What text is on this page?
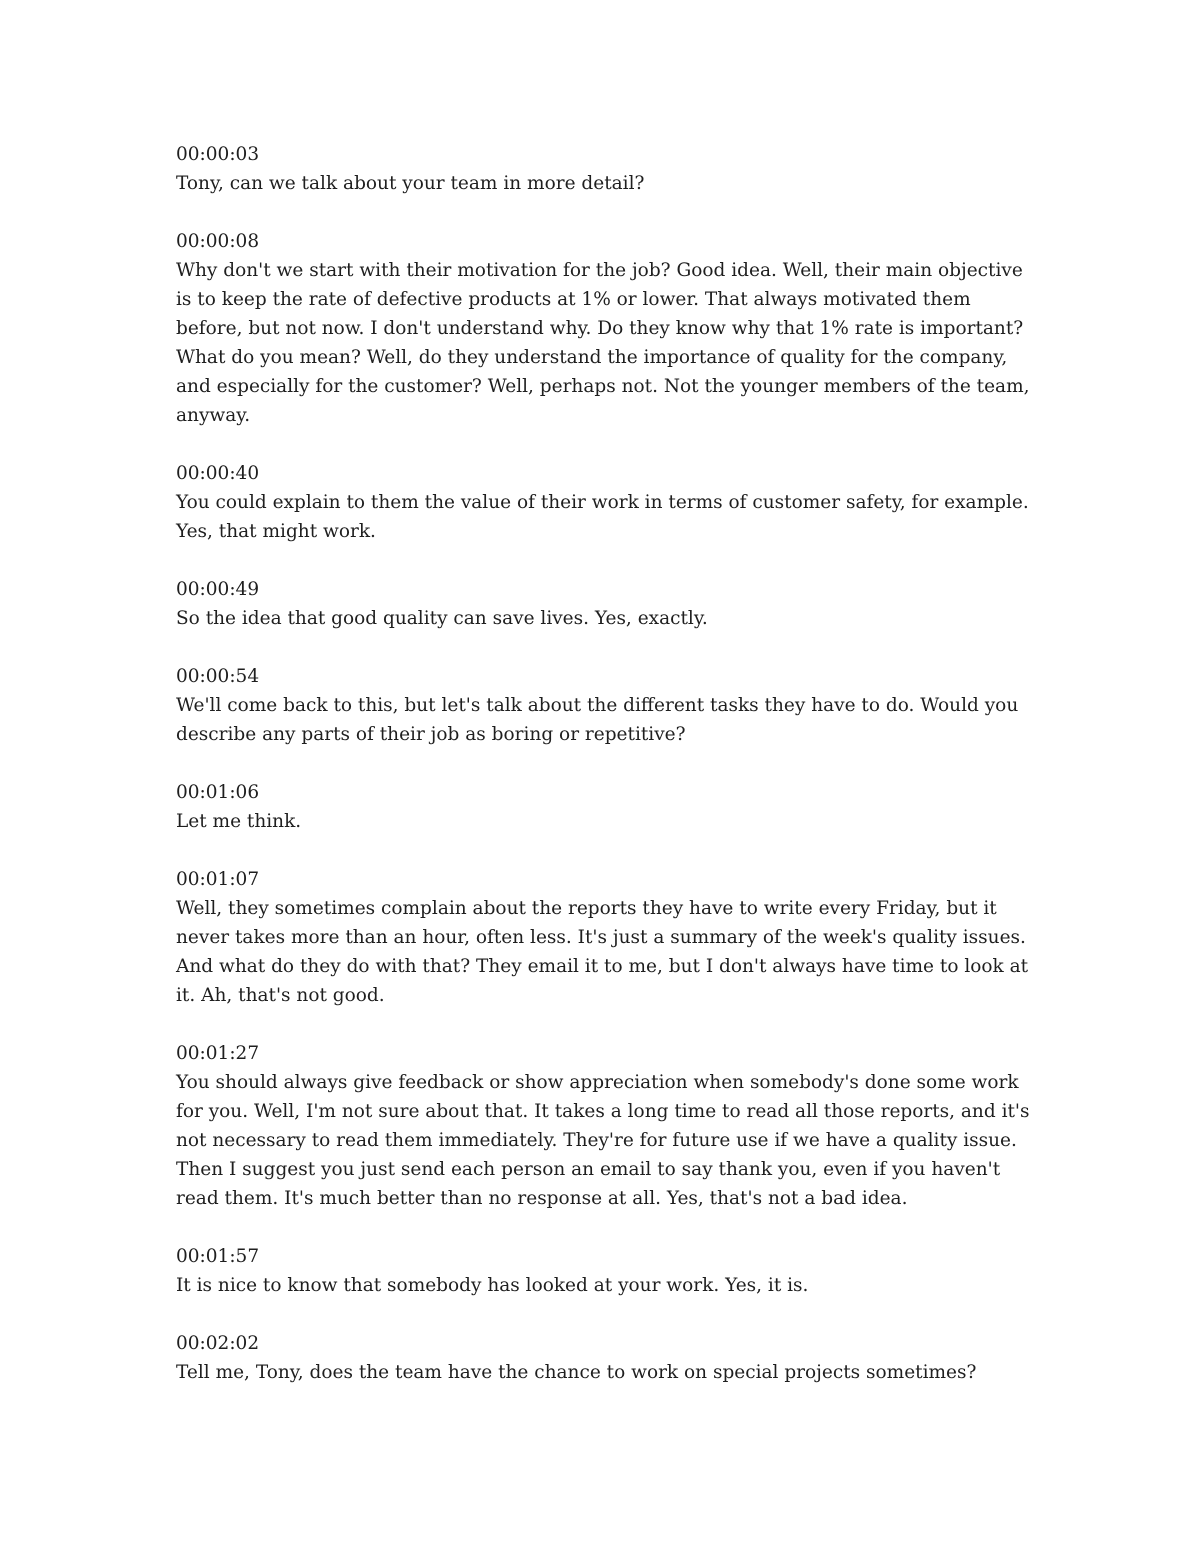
00:00:03
Tony, can we talk about your team in more detail?
00:00:08
Why don't we start with their motivation for the job? Good idea. Well, their main objective is to keep the rate of defective products at 1% or lower. That always motivated them before, but not now. I don't understand why. Do they know why that 1% rate is important? What do you mean? Well, do they understand the importance of quality for the company, and especially for the customer? Well, perhaps not. Not the younger members of the team, anyway.
00:00:40
You could explain to them the value of their work in terms of customer safety, for example. Yes, that might work.
00:00:49
So the idea that good quality can save lives. Yes, exactly.
00:00:54
We'll come back to this, but let's talk about the different tasks they have to do. Would you describe any parts of their job as boring or repetitive?
00:01:06
Let me think.
00:01:07
Well, they sometimes complain about the reports they have to write every Friday, but it never takes more than an hour, often less. It's just a summary of the week's quality issues. And what do they do with that? They email it to me, but I don't always have time to look at it. Ah, that's not good.
00:01:27
You should always give feedback or show appreciation when somebody's done some work for you. Well, I'm not sure about that. It takes a long time to read all those reports, and it's not necessary to read them immediately. They're for future use if we have a quality issue. Then I suggest you just send each person an email to say thank you, even if you haven't read them. It's much better than no response at all. Yes, that's not a bad idea.
00:01:57
It is nice to know that somebody has looked at your work. Yes, it is.
00:02:02
Tell me, Tony, does the team have the chance to work on special projects sometimes?
